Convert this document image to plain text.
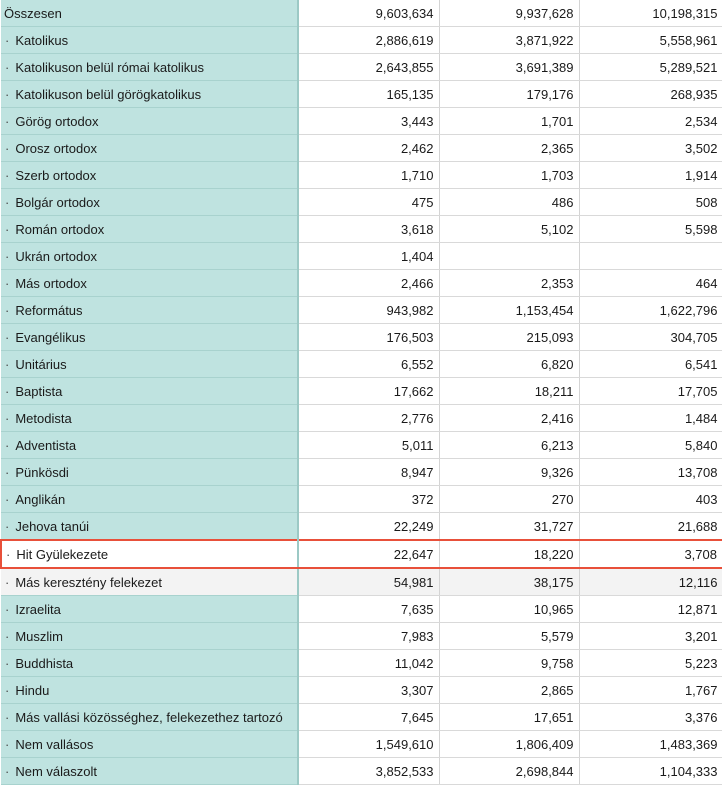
Összesen	9,603,634	9,937,628	10,198,315
· Katolikus	2,886,619	3,871,922	5,558,961
· Katolikuson belül római katolikus	2,643,855	3,691,389	5,289,521
· Katolikuson belül görögkatolikus	165,135	179,176	268,935
· Görög ortodox	3,443	1,701	2,534
· Orosz ortodox	2,462	2,365	3,502
· Szerb ortodox	1,710	1,703	1,914
· Bolgár ortodox	475	486	508
· Román ortodox	3,618	5,102	5,598
· Ukrán ortodox	1,404		
· Más ortodox	2,466	2,353	464
· Református	943,982	1,153,454	1,622,796
· Evangélikus	176,503	215,093	304,705
· Unitárius	6,552	6,820	6,541
· Baptista	17,662	18,211	17,705
· Metodista	2,776	2,416	1,484
· Adventista	5,011	6,213	5,840
· Pünkösdi	8,947	9,326	13,708
· Anglikán	372	270	403
· Jehova tanúi	22,249	31,727	21,688
· Hit Gyülekezete	22,647	18,220	3,708
· Más keresztény felekezet	54,981	38,175	12,116
· Izraelita	7,635	10,965	12,871
· Muszlim	7,983	5,579	3,201
· Buddhista	11,042	9,758	5,223
· Hindu	3,307	2,865	1,767
· Más vallási közösséghez, felekezethez tartozó	7,645	17,651	3,376
· Nem vallásos	1,549,610	1,806,409	1,483,369
· Nem válaszolt	3,852,533	2,698,844	1,104,333
